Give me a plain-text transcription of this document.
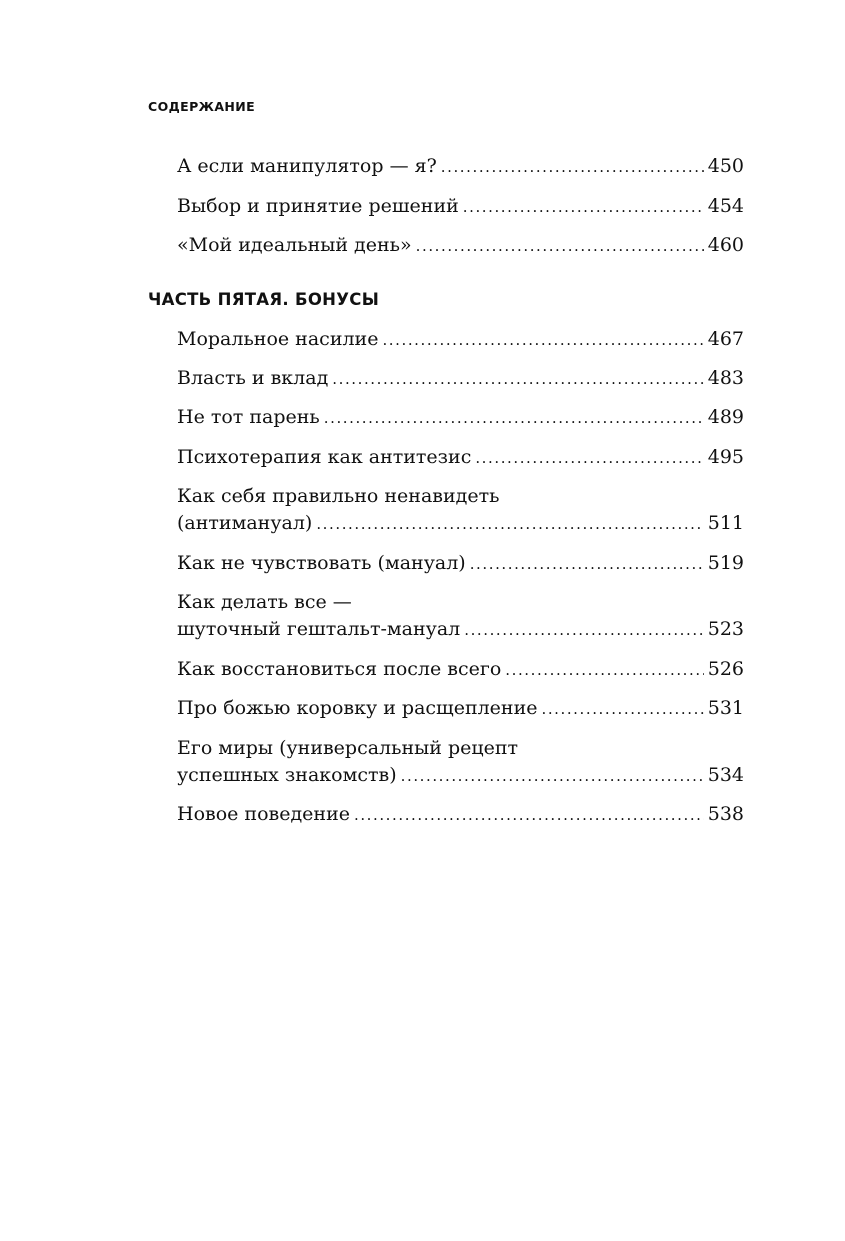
СОДЕРЖАНИЕ
ЧАСТЬ ПЯТАЯ. БОНУСЫ
А если манипулятор — я? . . .	450
Выбор и принятие решений . . .	454
«Мой идеальный день» . . .	460
Моральное насилие . . .	467
Власть и вклад . . .	483
Не тот парень . . .	489
Психотерапия как антитезис . . .	495
Как себя правильно ненавидеть
(антимануал) . . .	511
Как не чувствовать (мануал) . . .	519
Как делать все —
шуточный гештальт-мануал . . .	523
Как восстановиться после всего . . .	526
Про божью коровку и расщепление . . .	531
Его миры (универсальный рецепт
успешных знакомств) . . .	534
Новое поведение . . .	538
